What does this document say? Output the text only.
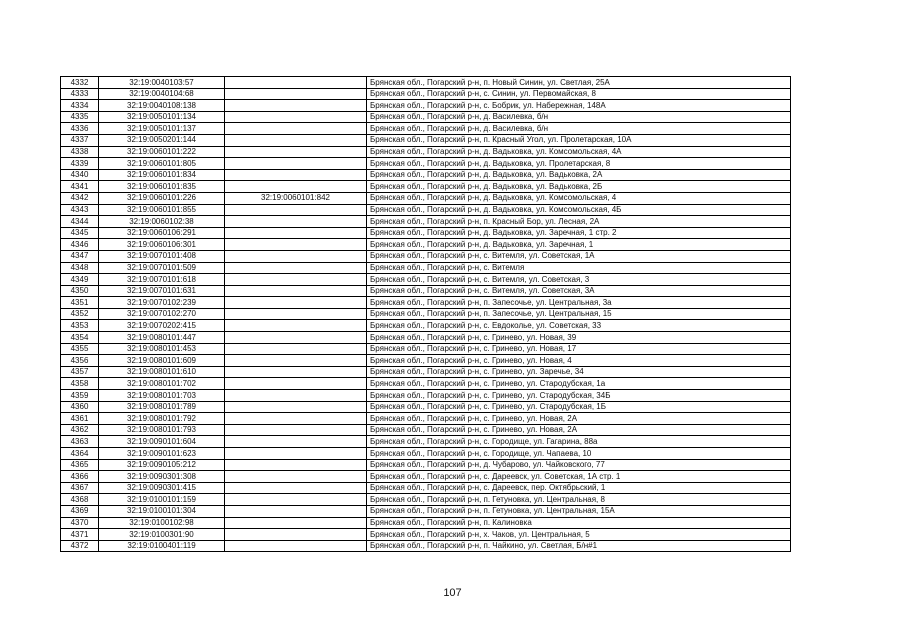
4332	32:19:0040103:57		Брянская обл., Погарский р-н, п. Новый Синин, ул. Светлая, 25А
4333	32:19:0040104:68		Брянская обл., Погарский р-н, с. Синин, ул. Первомайская, 8
4334	32:19:0040108:138		Брянская обл., Погарский р-н, с. Бобрик, ул. Набережная, 148А
4335	32:19:0050101:134		Брянская обл., Погарский р-н, д. Василевка, б/н
4336	32:19:0050101:137		Брянская обл., Погарский р-н, д. Василевка, б/н
4337	32:19:0050201:144		Брянская обл., Погарский р-н, п. Красный Угол, ул. Пролетарская, 10А
4338	32:19:0060101:222		Брянская обл., Погарский р-н, д. Вадьковка, ул. Комсомольская, 4А
4339	32:19:0060101:805		Брянская обл., Погарский р-н, д. Вадьковка, ул. Пролетарская, 8
4340	32:19:0060101:834		Брянская обл., Погарский р-н, д. Вадьковка, ул. Вадьковка, 2А
4341	32:19:0060101:835		Брянская обл., Погарский р-н, д. Вадьковка, ул. Вадьковка, 2Б
4342	32:19:0060101:226	32:19:0060101:842	Брянская обл., Погарский р-н, д. Вадьковка, ул. Комсомольская, 4
4343	32:19:0060101:855		Брянская обл., Погарский р-н, д. Вадьковка, ул. Комсомольская, 4Б
4344	32:19:0060102:38		Брянская обл., Погарский р-н, п. Красный Бор, ул. Лесная, 2А
4345	32:19:0060106:291		Брянская обл., Погарский р-н, д. Вадьковка, ул. Заречная, 1 стр. 2
4346	32:19:0060106:301		Брянская обл., Погарский р-н, д. Вадьковка, ул. Заречная, 1
4347	32:19:0070101:408		Брянская обл., Погарский р-н, с. Витемля, ул. Советская, 1А
4348	32:19:0070101:509		Брянская обл., Погарский р-н, с. Витемля
4349	32:19:0070101:618		Брянская обл., Погарский р-н, с. Витемля, ул. Советская, 3
4350	32:19:0070101:631		Брянская обл., Погарский р-н, с. Витемля, ул. Советская, 3А
4351	32:19:0070102:239		Брянская обл., Погарский р-н, п. Запесочье, ул. Центральная, 3а
4352	32:19:0070102:270		Брянская обл., Погарский р-н, п. Запесочье, ул. Центральная, 15
4353	32:19:0070202:415		Брянская обл., Погарский р-н, с. Евдокольe, ул. Советская, 33
4354	32:19:0080101:447		Брянская обл., Погарский р-н, с. Гринево, ул. Новая, 39
4355	32:19:0080101:453		Брянская обл., Погарский р-н, с. Гринево, ул. Новая, 17
4356	32:19:0080101:609		Брянская обл., Погарский р-н, с. Гринево, ул. Новая, 4
4357	32:19:0080101:610		Брянская обл., Погарский р-н, с. Гринево, ул. Заречье, 34
4358	32:19:0080101:702		Брянская обл., Погарский р-н, с. Гринево, ул. Стародубская, 1а
4359	32:19:0080101:703		Брянская обл., Погарский р-н, с. Гринево, ул. Стародубская, 34Б
4360	32:19:0080101:789		Брянская обл., Погарский р-н, с. Гринево, ул. Стародубская, 1Б
4361	32:19:0080101:792		Брянская обл., Погарский р-н, с. Гринево, ул. Новая, 2А
4362	32:19:0080101:793		Брянская обл., Погарский р-н, с. Гринево, ул. Новая, 2А
4363	32:19:0090101:604		Брянская обл., Погарский р-н, с. Городище, ул. Гагарина, 88а
4364	32:19:0090101:623		Брянская обл., Погарский р-н, с. Городище, ул. Чапаева, 10
4365	32:19:0090105:212		Брянская обл., Погарский р-н, д. Чубарово, ул. Чайковского, 77
4366	32:19:0090301:308		Брянская обл., Погарский р-н, с. Дареевск, ул. Советская, 1А стр. 1
4367	32:19:0090301:415		Брянская обл., Погарский р-н, с. Дареевск, пер. Октябрьский, 1
4368	32:19:0100101:159		Брянская обл., Погарский р-н, п. Гетуновка, ул. Центральная, 8
4369	32:19:0100101:304		Брянская обл., Погарский р-н, п. Гетуновка, ул. Центральная, 15А
4370	32:19:0100102:98		Брянская обл., Погарский р-н, п. Калиновка
4371	32:19:0100301:90		Брянская обл., Погарский р-н, х. Чаков, ул. Центральная, 5
4372	32:19:0100401:119		Брянская обл., Погарский р-н, п. Чайкино, ул. Светлая, Б/н#1
107
